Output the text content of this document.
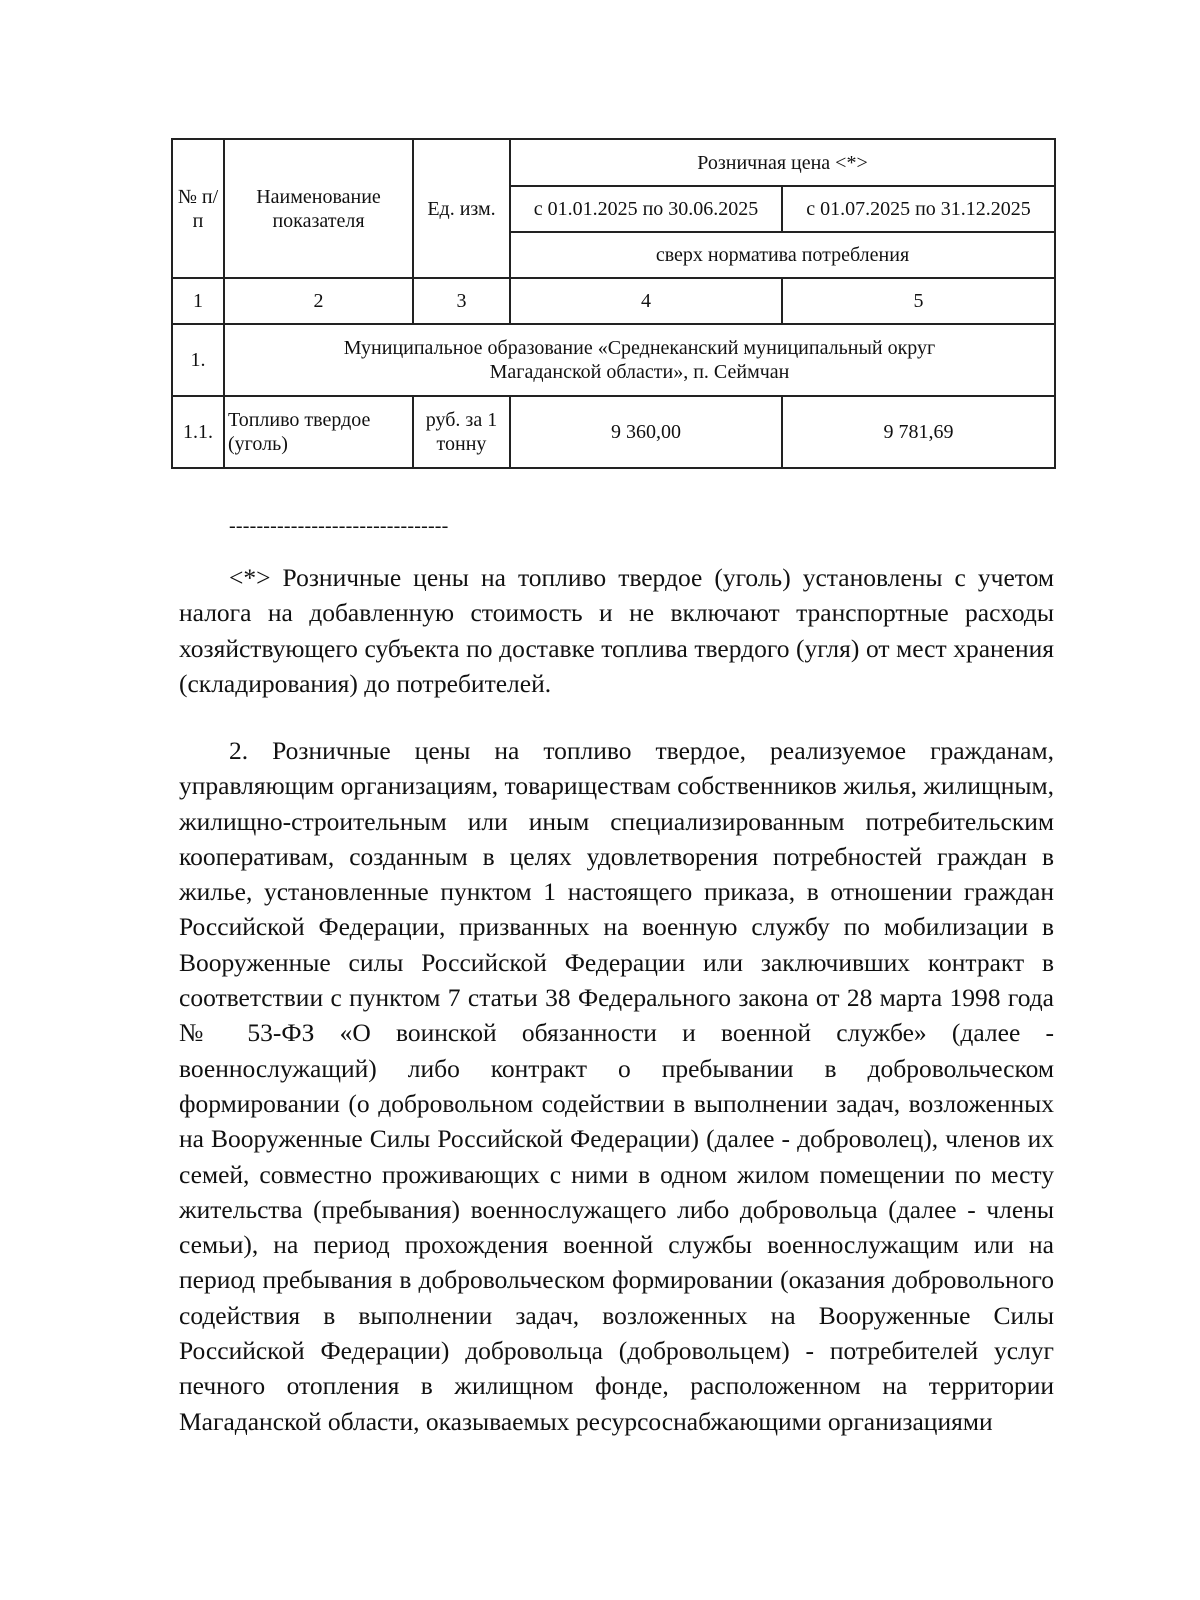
№ п/п	Наименование показателя	Ед. изм.	Розничная цена <*>	
			с 01.01.2025 по 30.06.2025	с 01.07.2025 по 31.12.2025
			сверх норматива потребления	
1	2	3	4	5
1.	Муниципальное образование «Среднеканский муниципальный округ
Магаданской области», п. Сеймчан			

1.1.	Топливо твердое (уголь)	руб. за 1 тонну	9 360,00	9 781,69
--------------------------------

<*> Розничные цены на топливо твердое (уголь) установлены с учетом налога на добавленную стоимость и не включают транспортные расходы хозяйствующего субъекта по доставке топлива твердого (угля) от мест хранения (складирования) до потребителей.

2. Розничные цены на топливо твердое, реализуемое гражданам, управляющим организациям, товариществам собственников жилья, жилищным, жилищно-строительным или иным специализированным потребительским кооперативам, созданным в целях удовлетворения потребностей граждан в жилье, установленные пунктом 1 настоящего приказа, в отношении граждан Российской Федерации, призванных на военную службу по мобилизации в Вооруженные силы Российской Федерации или заключивших контракт в соответствии с пунктом 7 статьи 38 Федерального закона от 28 марта 1998 года № 53-ФЗ «О воинской обязанности и военной службе» (далее - военнослужащий) либо контракт о пребывании в добровольческом формировании (о добровольном содействии в выполнении задач, возложенных на Вооруженные Силы Российской Федерации) (далее - доброволец), членов их семей, совместно проживающих с ними в одном жилом помещении по месту жительства (пребывания) военнослужащего либо добровольца (далее - члены семьи), на период прохождения военной службы военнослужащим или на период пребывания в добровольческом формировании (оказания добровольного содействия в выполнении задач, возложенных на Вооруженные Силы Российской Федерации) добровольца (добровольцем) - потребителей услуг печного отопления в жилищном фонде, расположенном на территории Магаданской области, оказываемых ресурсоснабжающими организациями
